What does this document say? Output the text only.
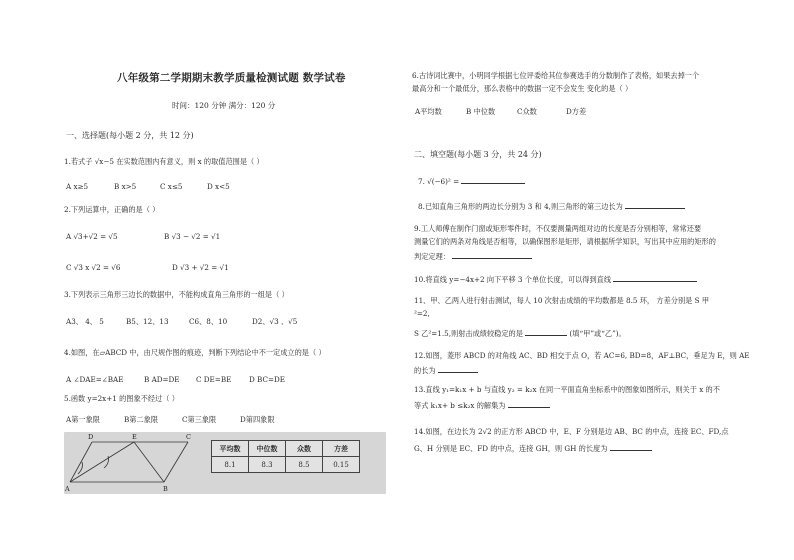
八年级第二学期期末教学质量检测试题 数学试卷
时间：120 分钟 满分：120 分
一、选择题(每小题 2 分，共 12 分)
1.若式子 √x−5 在实数范围内有意义，则 x 的取值范围是（ ）
A x≥5	B x>5	C x≤5	D x<5
2.下列运算中，正确的是（ ）
A √3+√2 = √5	B √3 − √2 = √1
C √3 x √2 = √6	D √3 + √2 = √1
3.下列表示三角形三边长的数据中，不能构成直角三角形的一组是（ ）
A3、 4、 5	B5、12、13	C6、8、10	D2、√3 、√5
4.如图，在▱ABCD 中，由尺规作图的痕迹，判断下列结论中不一定成立的是（ ）
A ∠DAE=∠BAE	B AD=DE C DE=BE D BC=DE
5.函数 y=2x+1 的图象不经过（ ）
A第一象限	B第二象限	C第三象限	D第四象限
D	E	C
A	B
平均数	中位数	众数	方差
8.1	8.3	8.5	0.15
6.古诗词比赛中，小明同学根据七位评委给其位参赛选手的分数制作了表格，如果去掉一个
最高分和一个最低分，那么表格中的数据一定不会发生 变化的是（ ）
A平均数	B 中位数	C众数	D方差
二、填空题(每小题 3 分，共 24 分)
7. √(−6)² =
8.已知直角三角形的两边长分别为 3 和 4,则三角形的第三边长为
9.工人师傅在制作门窗或矩形零件时，不仅要测量两组对边的长度是否分别相等，常常还要
测量它们的两条对角线是否相等，以确保图形是矩形，请根据所学知识，写出其中应用的矩形的
判定定理：
10.将直线 y=−4x+2 向下平移 3 个单位长度，可以得到直线
11、甲、乙两人进行射击测试，每人 10 次射击成绩的平均数都是 8.5 环， 方差分别是 S 甲
²=2,
S 乙²=1.5,则射击成绩较稳定的是	(填“甲”或“乙”)。
12.如图，菱形 ABCD 的对角线 AC、BD 相交于点 O，若 AC=6, BD=8，AF⊥BC，垂足为 E，则 AE
的长为
13.直线 y₁=k₁x + b 与直线 y₂ = k₂x 在同一平面直角坐标系中的图象如图所示，则关于 x 的不
等式 k₁x+ b ≤k₂x 的解集为
14.如图，在边长为 2√2 的正方形 ABCD 中，E、F 分别是边 AB、BC 的中点，连接 EC、FD,点
G、H 分别是 EC、FD 的中点，连接 GH，则 GH 的长度为
